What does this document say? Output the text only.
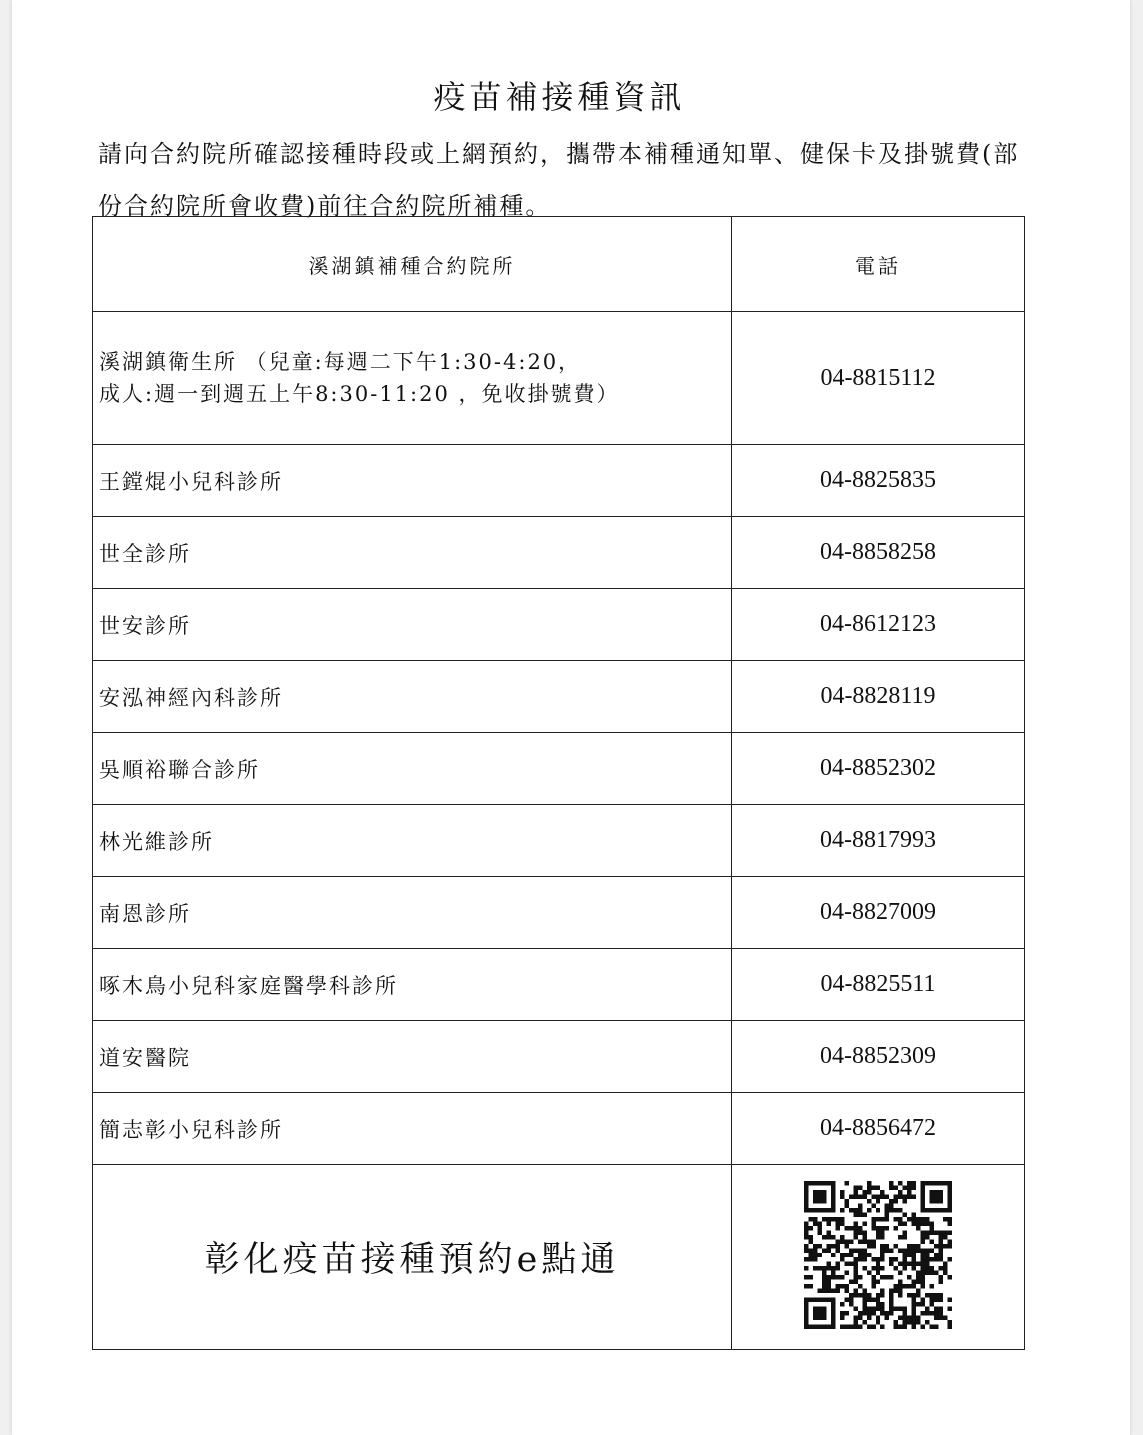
疫苗補接種資訊
請向合約院所確認接種時段或上網預約，攜帶本補種通知單、健保卡及掛號費(部份合約院所會收費)前往合約院所補種。
溪湖鎮補種合約院所	電話

溪湖鎮衛生所 （兒童:每週二下午1:30-4:20，
成人:週一到週五上午8:30-11:20 ，免收掛號費）	04-8815112
王鏜焜小兒科診所	04-8825835
世全診所	04-8858258
世安診所	04-8612123
安泓神經內科診所	04-8828119
吳順裕聯合診所	04-8852302
林光維診所	04-8817993
南恩診所	04-8827009
啄木鳥小兒科家庭醫學科診所	04-8825511
道安醫院	04-8852309
簡志彰小兒科診所	04-8856472
彰化疫苗接種預約e點通	
